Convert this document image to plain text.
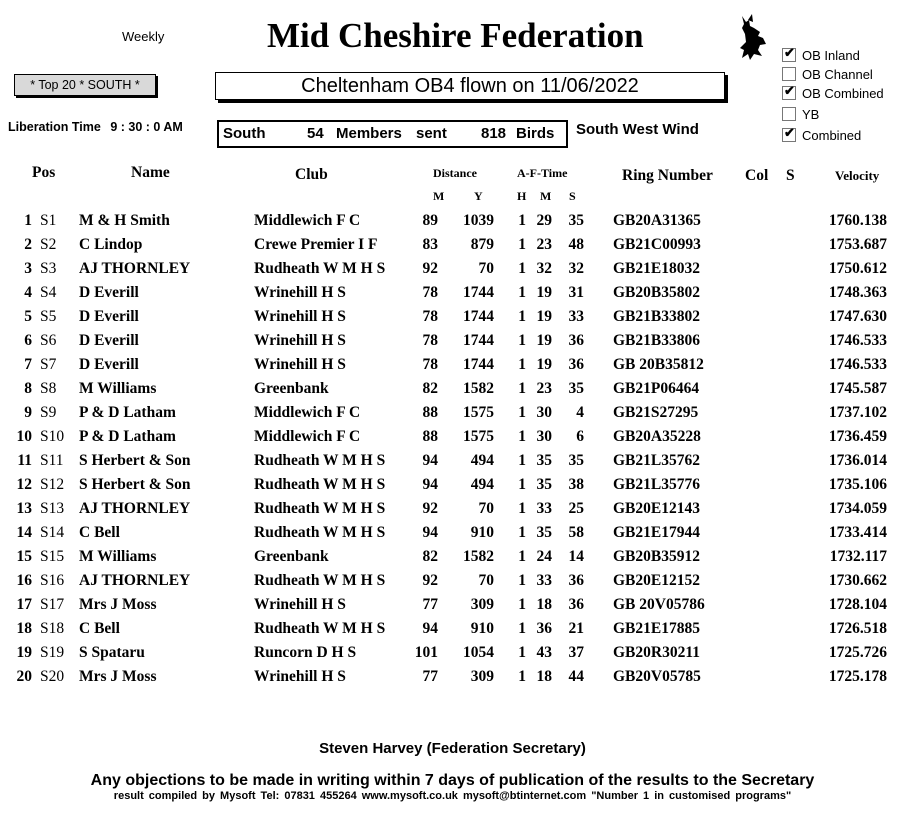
Weekly	Mid Cheshire Federation
* Top 20 * SOUTH *	Cheltenham OB4 flown on 11/06/2022
✔ OB Inland
OB Channel
✔ OB Combined
YB
✔ Combined
Liberation Time 9 : 30 : 0 AM	South	54 Members sent 818 Birds South West Wind
Pos	Name	Club	Distance
M Y
A-F-Time
H M S
Ring Number Col S	Velocity
1 S1 M & H Smith	Middlewich F C	89	1039	1 29	35 GB20A31365	1760.138
2 S2 C Lindop	Crewe Premier I F	83	879	1 23	48 GB21C00993	1753.687
3 S3 AJ THORNLEY	Rudheath W M H S	92	70	1 32	32 GB21E18032	1750.612
4 S4 D Everill	Wrinehill H S	78	1744	1 19	31 GB20B35802	1748.363
5 S5 D Everill	Wrinehill H S	78	1744	1 19	33 GB21B33802	1747.630
6 S6 D Everill	Wrinehill H S	78	1744	1 19	36 GB21B33806	1746.533
7 S7 D Everill	Wrinehill H S	78	1744	1 19	36 GB 20B35812	1746.533
8 S8 M Williams	Greenbank	82	1582	1 23	35 GB21P06464	1745.587
9 S9 P & D Latham	Middlewich F C	88	1575	1 30	4 GB21S27295	1737.102
10 S10 P & D Latham	Middlewich F C	88	1575	1 30	6 GB20A35228	1736.459
11 S11 S Herbert & Son	Rudheath W M H S	94	494	1 35	35 GB21L35762	1736.014
12 S12 S Herbert & Son	Rudheath W M H S	94	494	1 35	38 GB21L35776	1735.106
13 S13 AJ THORNLEY	Rudheath W M H S	92	70	1 33	25 GB20E12143	1734.059
14 S14 C Bell	Rudheath W M H S	94	910	1 35	58 GB21E17944	1733.414
15 S15 M Williams	Greenbank	82	1582	1 24	14 GB20B35912	1732.117
16 S16 AJ THORNLEY	Rudheath W M H S	92	70	1 33	36 GB20E12152	1730.662
17 S17 Mrs J Moss	Wrinehill H S	77	309	1 18	36 GB 20V05786	1728.104
18 S18 C Bell	Rudheath W M H S	94	910	1 36	21 GB21E17885	1726.518
19 S19 S Spataru	Runcorn D H S	101	1054	1 43	37 GB20R30211	1725.726
20 S20 Mrs J Moss	Wrinehill H S	77	309	1 18	44 GB20V05785	1725.178
Steven Harvey (Federation Secretary)
Any objections to be made in writing within 7 days of publication of the results to the Secretary
result compiled by Mysoft Tel: 07831 455264 www.mysoft.co.uk mysoft@btinternet.com "Number 1 in customised programs"
